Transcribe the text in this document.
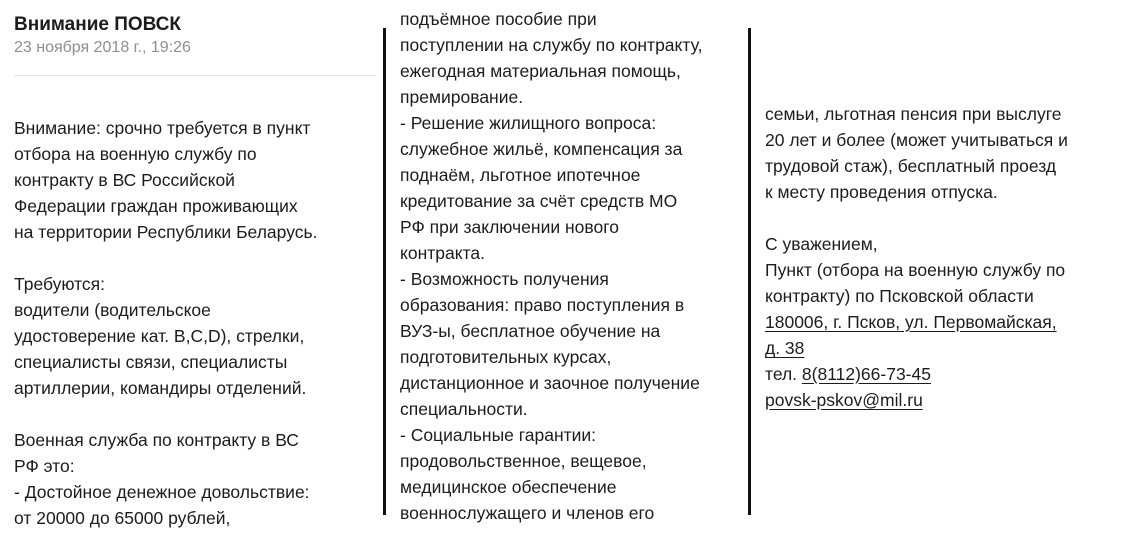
Внимание ПОВСК
23 ноября 2018 г., 19:26
Внимание: срочно требуется в пункт
отбора на военную службу по
контракту в ВС Российской
Федерации граждан проживающих
на территории Республики Беларусь.
Требуются:
водители (водительское
удостоверение кат. B,C,D), стрелки,
специалисты связи, специалисты
артиллерии, командиры отделений.
Военная служба по контракту в ВС
РФ это:
- Достойное денежное довольствие:
от 20000 до 65000 рублей,
подъёмное пособие при
поступлении на службу по контракту,
ежегодная материальная помощь,
премирование.
- Решение жилищного вопроса:
служебное жильё, компенсация за
поднаём, льготное ипотечное
кредитование за счёт средств МО
РФ при заключении нового
контракта.
- Возможность получения
образования: право поступления в
ВУЗ-ы, бесплатное обучение на
подготовительных курсах,
дистанционное и заочное получение
специальности.
- Социальные гарантии:
продовольственное, вещевое,
медицинское обеспечение
военнослужащего и членов его
семьи, льготная пенсия при выслуге
20 лет и более (может учитываться и
трудовой стаж), бесплатный проезд
к месту проведения отпуска.
С уважением,
Пункт (отбора на военную службу по
контракту) по Псковской области
180006, г. Псков, ул. Первомайская,
д. 38
тел. 8(8112)66-73-45
povsk-pskov@mil.ru
